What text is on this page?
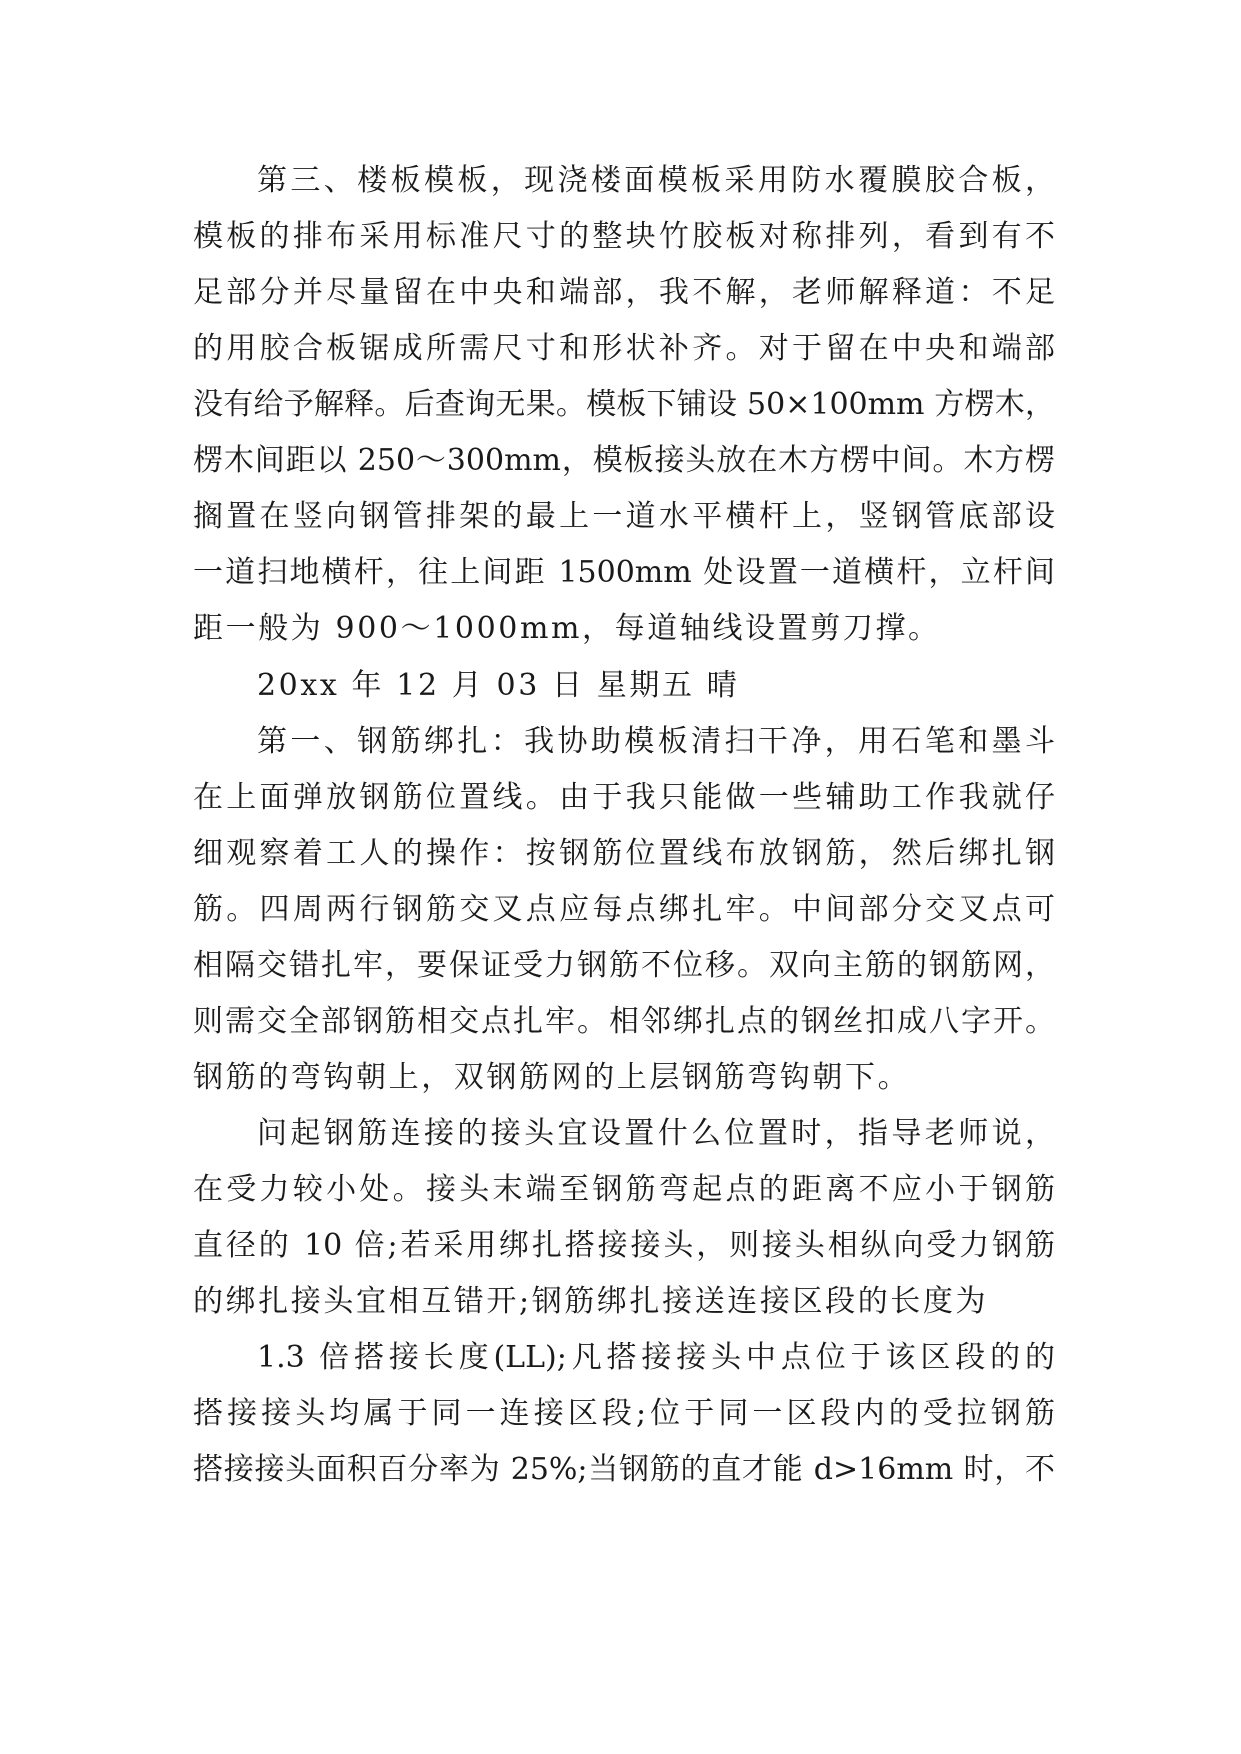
第三、楼板模板，现浇楼面模板采用防水覆膜胶合板，
模板的排布采用标准尺寸的整块竹胶板对称排列，看到有不
足部分并尽量留在中央和端部，我不解，老师解释道：不足
的用胶合板锯成所需尺寸和形状补齐。对于留在中央和端部
没有给予解释。后查询无果。模板下铺设 50×100mm 方楞木，
楞木间距以 250～300mm，模板接头放在木方楞中间。木方楞
搁置在竖向钢管排架的最上一道水平横杆上，竖钢管底部设
一道扫地横杆，往上间距 1500mm 处设置一道横杆，立杆间
距一般为 900～1000mm，每道轴线设置剪刀撑。
20xx 年 12 月 03 日 星期五 晴
第一、钢筋绑扎：我协助模板清扫干净，用石笔和墨斗
在上面弹放钢筋位置线。由于我只能做一些辅助工作我就仔
细观察着工人的操作：按钢筋位置线布放钢筋，然后绑扎钢
筋。四周两行钢筋交叉点应每点绑扎牢。中间部分交叉点可
相隔交错扎牢，要保证受力钢筋不位移。双向主筋的钢筋网，
则需交全部钢筋相交点扎牢。相邻绑扎点的钢丝扣成八字开。
钢筋的弯钩朝上，双钢筋网的上层钢筋弯钩朝下。
问起钢筋连接的接头宜设置什么位置时，指导老师说，
在受力较小处。接头末端至钢筋弯起点的距离不应小于钢筋
直径的 10 倍;若采用绑扎搭接接头，则接头相纵向受力钢筋
的绑扎接头宜相互错开;钢筋绑扎接送连接区段的长度为
1.3 倍搭接长度(LL);凡搭接接头中点位于该区段的的
搭接接头均属于同一连接区段;位于同一区段内的受拉钢筋
搭接接头面积百分率为 25%;当钢筋的直才能 d>16mm 时，不
